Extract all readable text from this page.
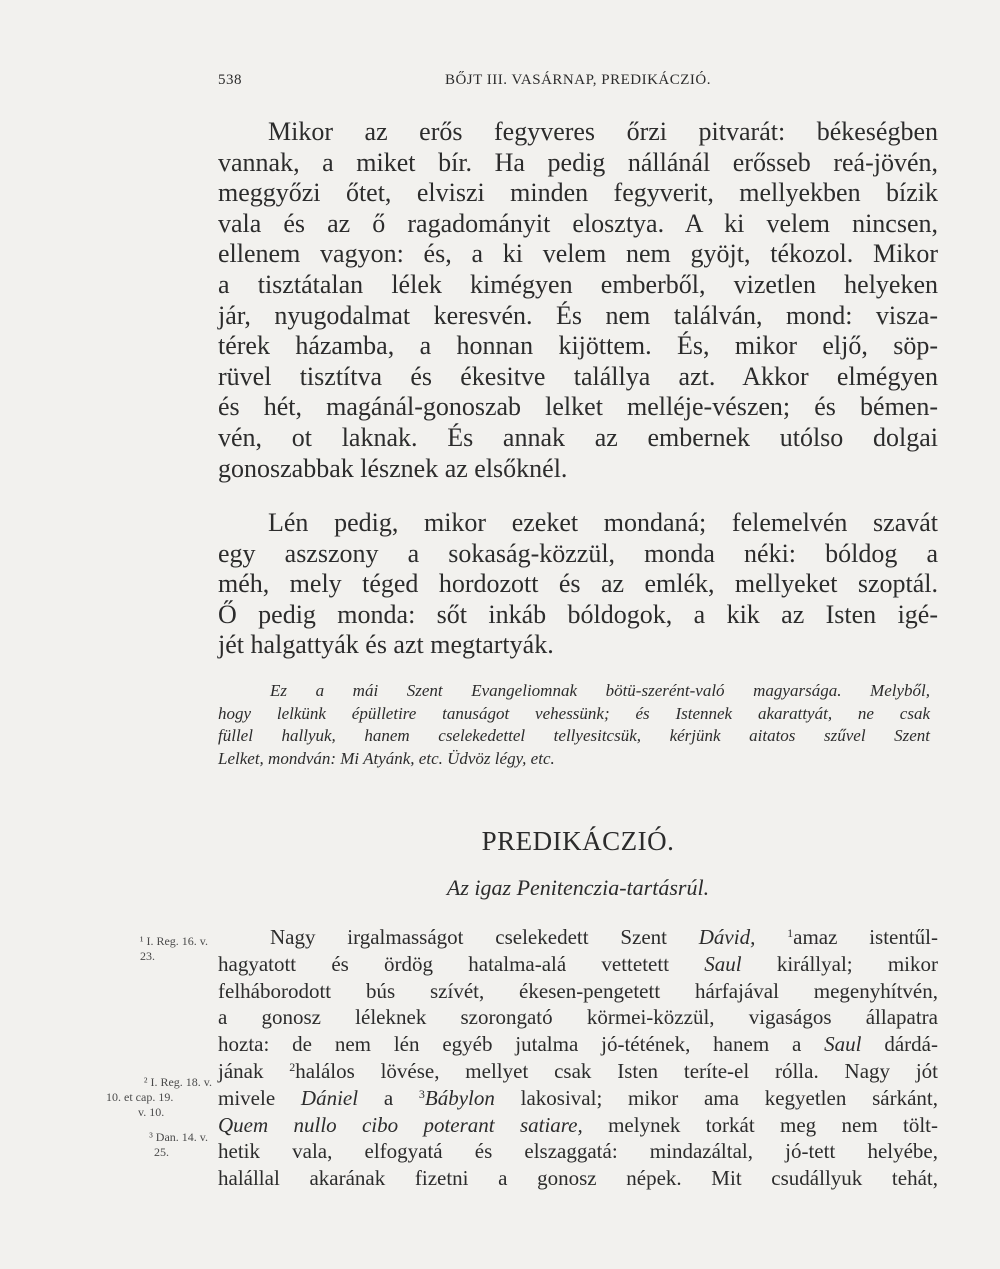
538	BŐJT III. VASÁRNAP, PREDIKÁCZIÓ.
Mikor az erős fegyveres őrzi pitvarát: békeségben
vannak, a miket bír. Ha pedig nállánál erősseb reá-jövén,
meggyőzi őtet, elviszi minden fegyverit, mellyekben bízik
vala és az ő ragadományit elosztya. A ki velem nincsen,
ellenem vagyon: és, a ki velem nem gyöjt, tékozol. Mikor
a tisztátalan lélek kimégyen emberből, vizetlen helyeken
jár, nyugodalmat keresvén. És nem találván, mond: visza-
térek házamba, a honnan kijöttem. És, mikor eljő, söp-
rüvel tisztítva és ékesitve talállya azt. Akkor elmégyen
és hét, magánál-gonoszab lelket melléje-vészen; és bémen-
vén, ot laknak. És annak az embernek utólso dolgai
gonoszabbak lésznek az elsőknél.
Lén pedig, mikor ezeket mondaná; felemelvén szavát
egy aszszony a sokaság-közzül, monda néki: bóldog a
méh, mely téged hordozott és az emlék, mellyeket szoptál.
Ő pedig monda: sőt inkáb bóldogok, a kik az Isten igé-
jét halgattyák és azt megtartyák.
Ez a mái Szent Evangeliomnak bötü-szerént-való magyarsága. Melyből,
hogy lelkünk épülletire tanuságot vehessünk; és Istennek akarattyát, ne csak
füllel hallyuk, hanem cselekedettel tellyesitcsük, kérjünk aitatos szűvel Szent
Lelket, mondván: Mi Atyánk, etc. Üdvöz légy, etc.
PREDIKÁCZIÓ.
Az igaz Penitenczia-tartásrúl.
Nagy irgalmasságot cselekedett Szent Dávid,	$^1$amaz istentűl-
hagyatott és ördög hatalma-alá vettetett Saul királlyal; mikor
felháborodott bús szívét, ékesen-pengetett hárfajával megenyhítvén,
a gonosz léleknek szorongató körmei-közzül, vigaságos állapatra
hozta: de nem lén egyéb jutalma jó-tétének, hanem a Saul dárdá-
jának $^2$halálos lövése, mellyet csak Isten teríte-el rólla. Nagy jót
mivele Dániel a $^3$Bábylon lakosival; mikor ama kegyetlen sárkánt,
Quem nullo cibo poterant satiare, melynek torkát meg nem tölt-
hetik vala, elfogyatá és elszaggatá: mindazáltal, jó-tett helyébe,
halállal akarának fizetni a gonosz népek. Mit csudállyuk tehát,
¹ I. Reg. 16. v.
23.
² I. Reg. 18. v.
10. et cap. 19.
v. 10.
³ Dan. 14. v.
25.
